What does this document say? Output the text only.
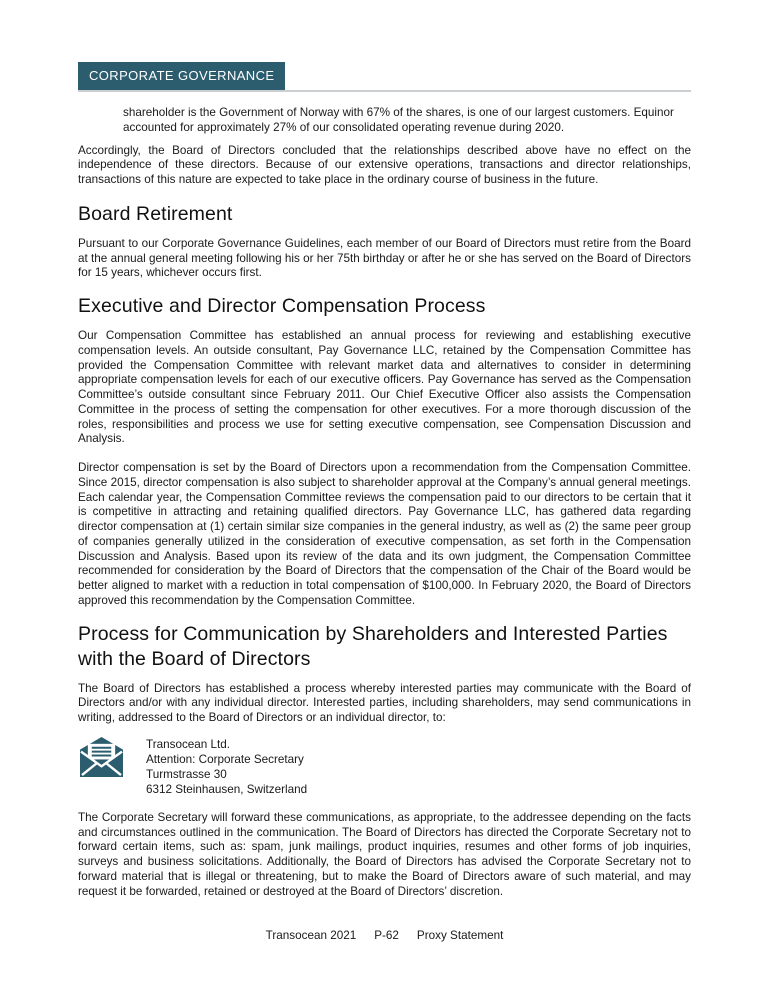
CORPORATE GOVERNANCE

shareholder is the Government of Norway with 67% of the shares, is one of our largest customers. Equinor accounted for approximately 27% of our consolidated operating revenue during 2020.

Accordingly, the Board of Directors concluded that the relationships described above have no effect on the independence of these directors. Because of our extensive operations, transactions and director relationships, transactions of this nature are expected to take place in the ordinary course of business in the future.

Board Retirement

Pursuant to our Corporate Governance Guidelines, each member of our Board of Directors must retire from the Board at the annual general meeting following his or her 75th birthday or after he or she has served on the Board of Directors for 15 years, whichever occurs first.

Executive and Director Compensation Process

Our Compensation Committee has established an annual process for reviewing and establishing executive compensation levels. An outside consultant, Pay Governance LLC, retained by the Compensation Committee has provided the Compensation Committee with relevant market data and alternatives to consider in determining appropriate compensation levels for each of our executive officers. Pay Governance has served as the Compensation Committee’s outside consultant since February 2011. Our Chief Executive Officer also assists the Compensation Committee in the process of setting the compensation for other executives. For a more thorough discussion of the roles, responsibilities and process we use for setting executive compensation, see Compensation Discussion and Analysis.

Director compensation is set by the Board of Directors upon a recommendation from the Compensation Committee. Since 2015, director compensation is also subject to shareholder approval at the Company’s annual general meetings. Each calendar year, the Compensation Committee reviews the compensation paid to our directors to be certain that it is competitive in attracting and retaining qualified directors. Pay Governance LLC, has gathered data regarding director compensation at (1) certain similar size companies in the general industry, as well as (2) the same peer group of companies generally utilized in the consideration of executive compensation, as set forth in the Compensation Discussion and Analysis. Based upon its review of the data and its own judgment, the Compensation Committee recommended for consideration by the Board of Directors that the compensation of the Chair of the Board would be better aligned to market with a reduction in total compensation of $100,000. In February 2020, the Board of Directors approved this recommendation by the Compensation Committee.

Process for Communication by Shareholders and Interested Parties with the Board of Directors

The Board of Directors has established a process whereby interested parties may communicate with the Board of Directors and/or with any individual director. Interested parties, including shareholders, may send communications in writing, addressed to the Board of Directors or an individual director, to:

Transocean Ltd.
Attention: Corporate Secretary
Turmstrasse 30
6312 Steinhausen, Switzerland

The Corporate Secretary will forward these communications, as appropriate, to the addressee depending on the facts and circumstances outlined in the communication. The Board of Directors has directed the Corporate Secretary not to forward certain items, such as: spam, junk mailings, product inquiries, resumes and other forms of job inquiries, surveys and business solicitations. Additionally, the Board of Directors has advised the Corporate Secretary not to forward material that is illegal or threatening, but to make the Board of Directors aware of such material, and may request it be forwarded, retained or destroyed at the Board of Directors’ discretion.

Transocean 2021 P-62 Proxy Statement
